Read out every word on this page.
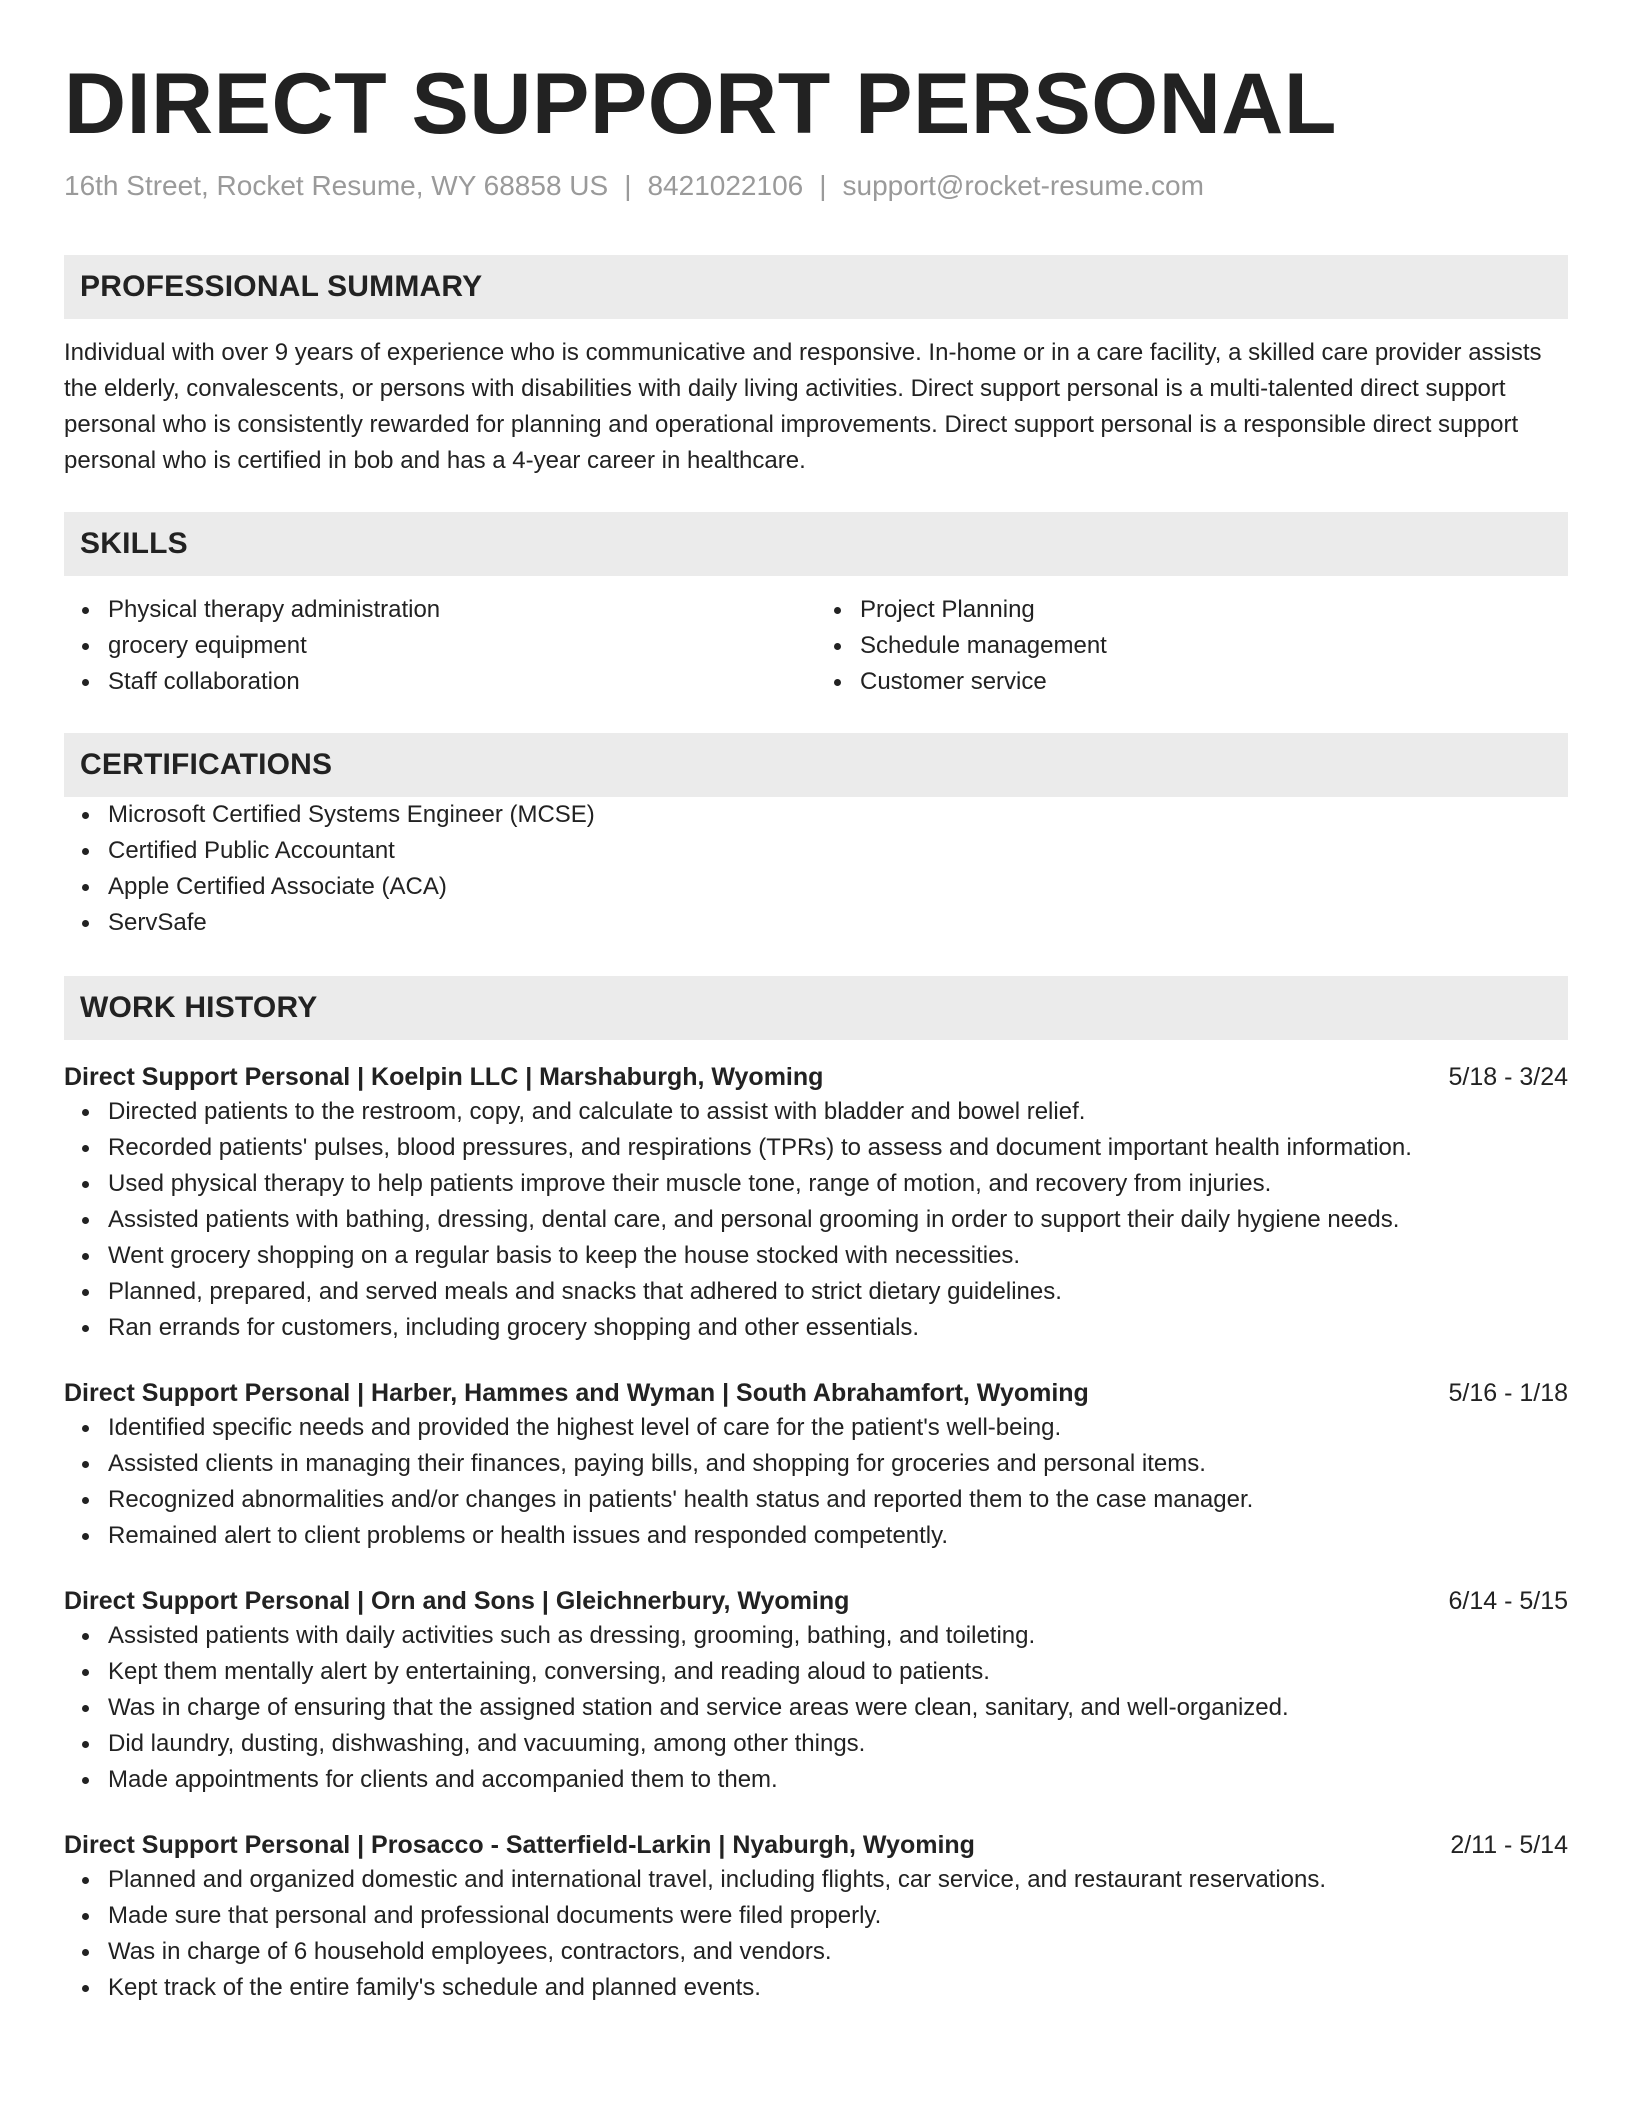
DIRECT SUPPORT PERSONAL
16th Street, Rocket Resume, WY 68858 US | 8421022106 | support@rocket-resume.com
PROFESSIONAL SUMMARY

Individual with over 9 years of experience who is communicative and responsive. In-home or in a care facility, a skilled care provider assists the elderly, convalescents, or persons with disabilities with daily living activities. Direct support personal is a multi-talented direct support personal who is consistently rewarded for planning and operational improvements. Direct support personal is a responsible direct support personal who is certified in bob and has a 4-year career in healthcare.

SKILLS
Physical therapy administration
grocery equipment
Staff collaboration
Project Planning
Schedule management
Customer service
CERTIFICATIONS
Microsoft Certified Systems Engineer (MCSE)
Certified Public Accountant
Apple Certified Associate (ACA)
ServSafe
WORK HISTORY
Direct Support Personal | Koelpin LLC | Marshaburgh, Wyoming	5/18 - 3/24
Directed patients to the restroom, copy, and calculate to assist with bladder and bowel relief.
Recorded patients' pulses, blood pressures, and respirations (TPRs) to assess and document important health information.
Used physical therapy to help patients improve their muscle tone, range of motion, and recovery from injuries.
Assisted patients with bathing, dressing, dental care, and personal grooming in order to support their daily hygiene needs.
Went grocery shopping on a regular basis to keep the house stocked with necessities.
Planned, prepared, and served meals and snacks that adhered to strict dietary guidelines.
Ran errands for customers, including grocery shopping and other essentials.
Direct Support Personal | Harber, Hammes and Wyman | South Abrahamfort, Wyoming	5/16 - 1/18
Identified specific needs and provided the highest level of care for the patient's well-being.
Assisted clients in managing their finances, paying bills, and shopping for groceries and personal items.
Recognized abnormalities and/or changes in patients' health status and reported them to the case manager.
Remained alert to client problems or health issues and responded competently.
Direct Support Personal | Orn and Sons | Gleichnerbury, Wyoming	6/14 - 5/15
Assisted patients with daily activities such as dressing, grooming, bathing, and toileting.
Kept them mentally alert by entertaining, conversing, and reading aloud to patients.
Was in charge of ensuring that the assigned station and service areas were clean, sanitary, and well-organized.
Did laundry, dusting, dishwashing, and vacuuming, among other things.
Made appointments for clients and accompanied them to them.
Direct Support Personal | Prosacco - Satterfield-Larkin | Nyaburgh, Wyoming	2/11 - 5/14
Planned and organized domestic and international travel, including flights, car service, and restaurant reservations.
Made sure that personal and professional documents were filed properly.
Was in charge of 6 household employees, contractors, and vendors.
Kept track of the entire family's schedule and planned events.
